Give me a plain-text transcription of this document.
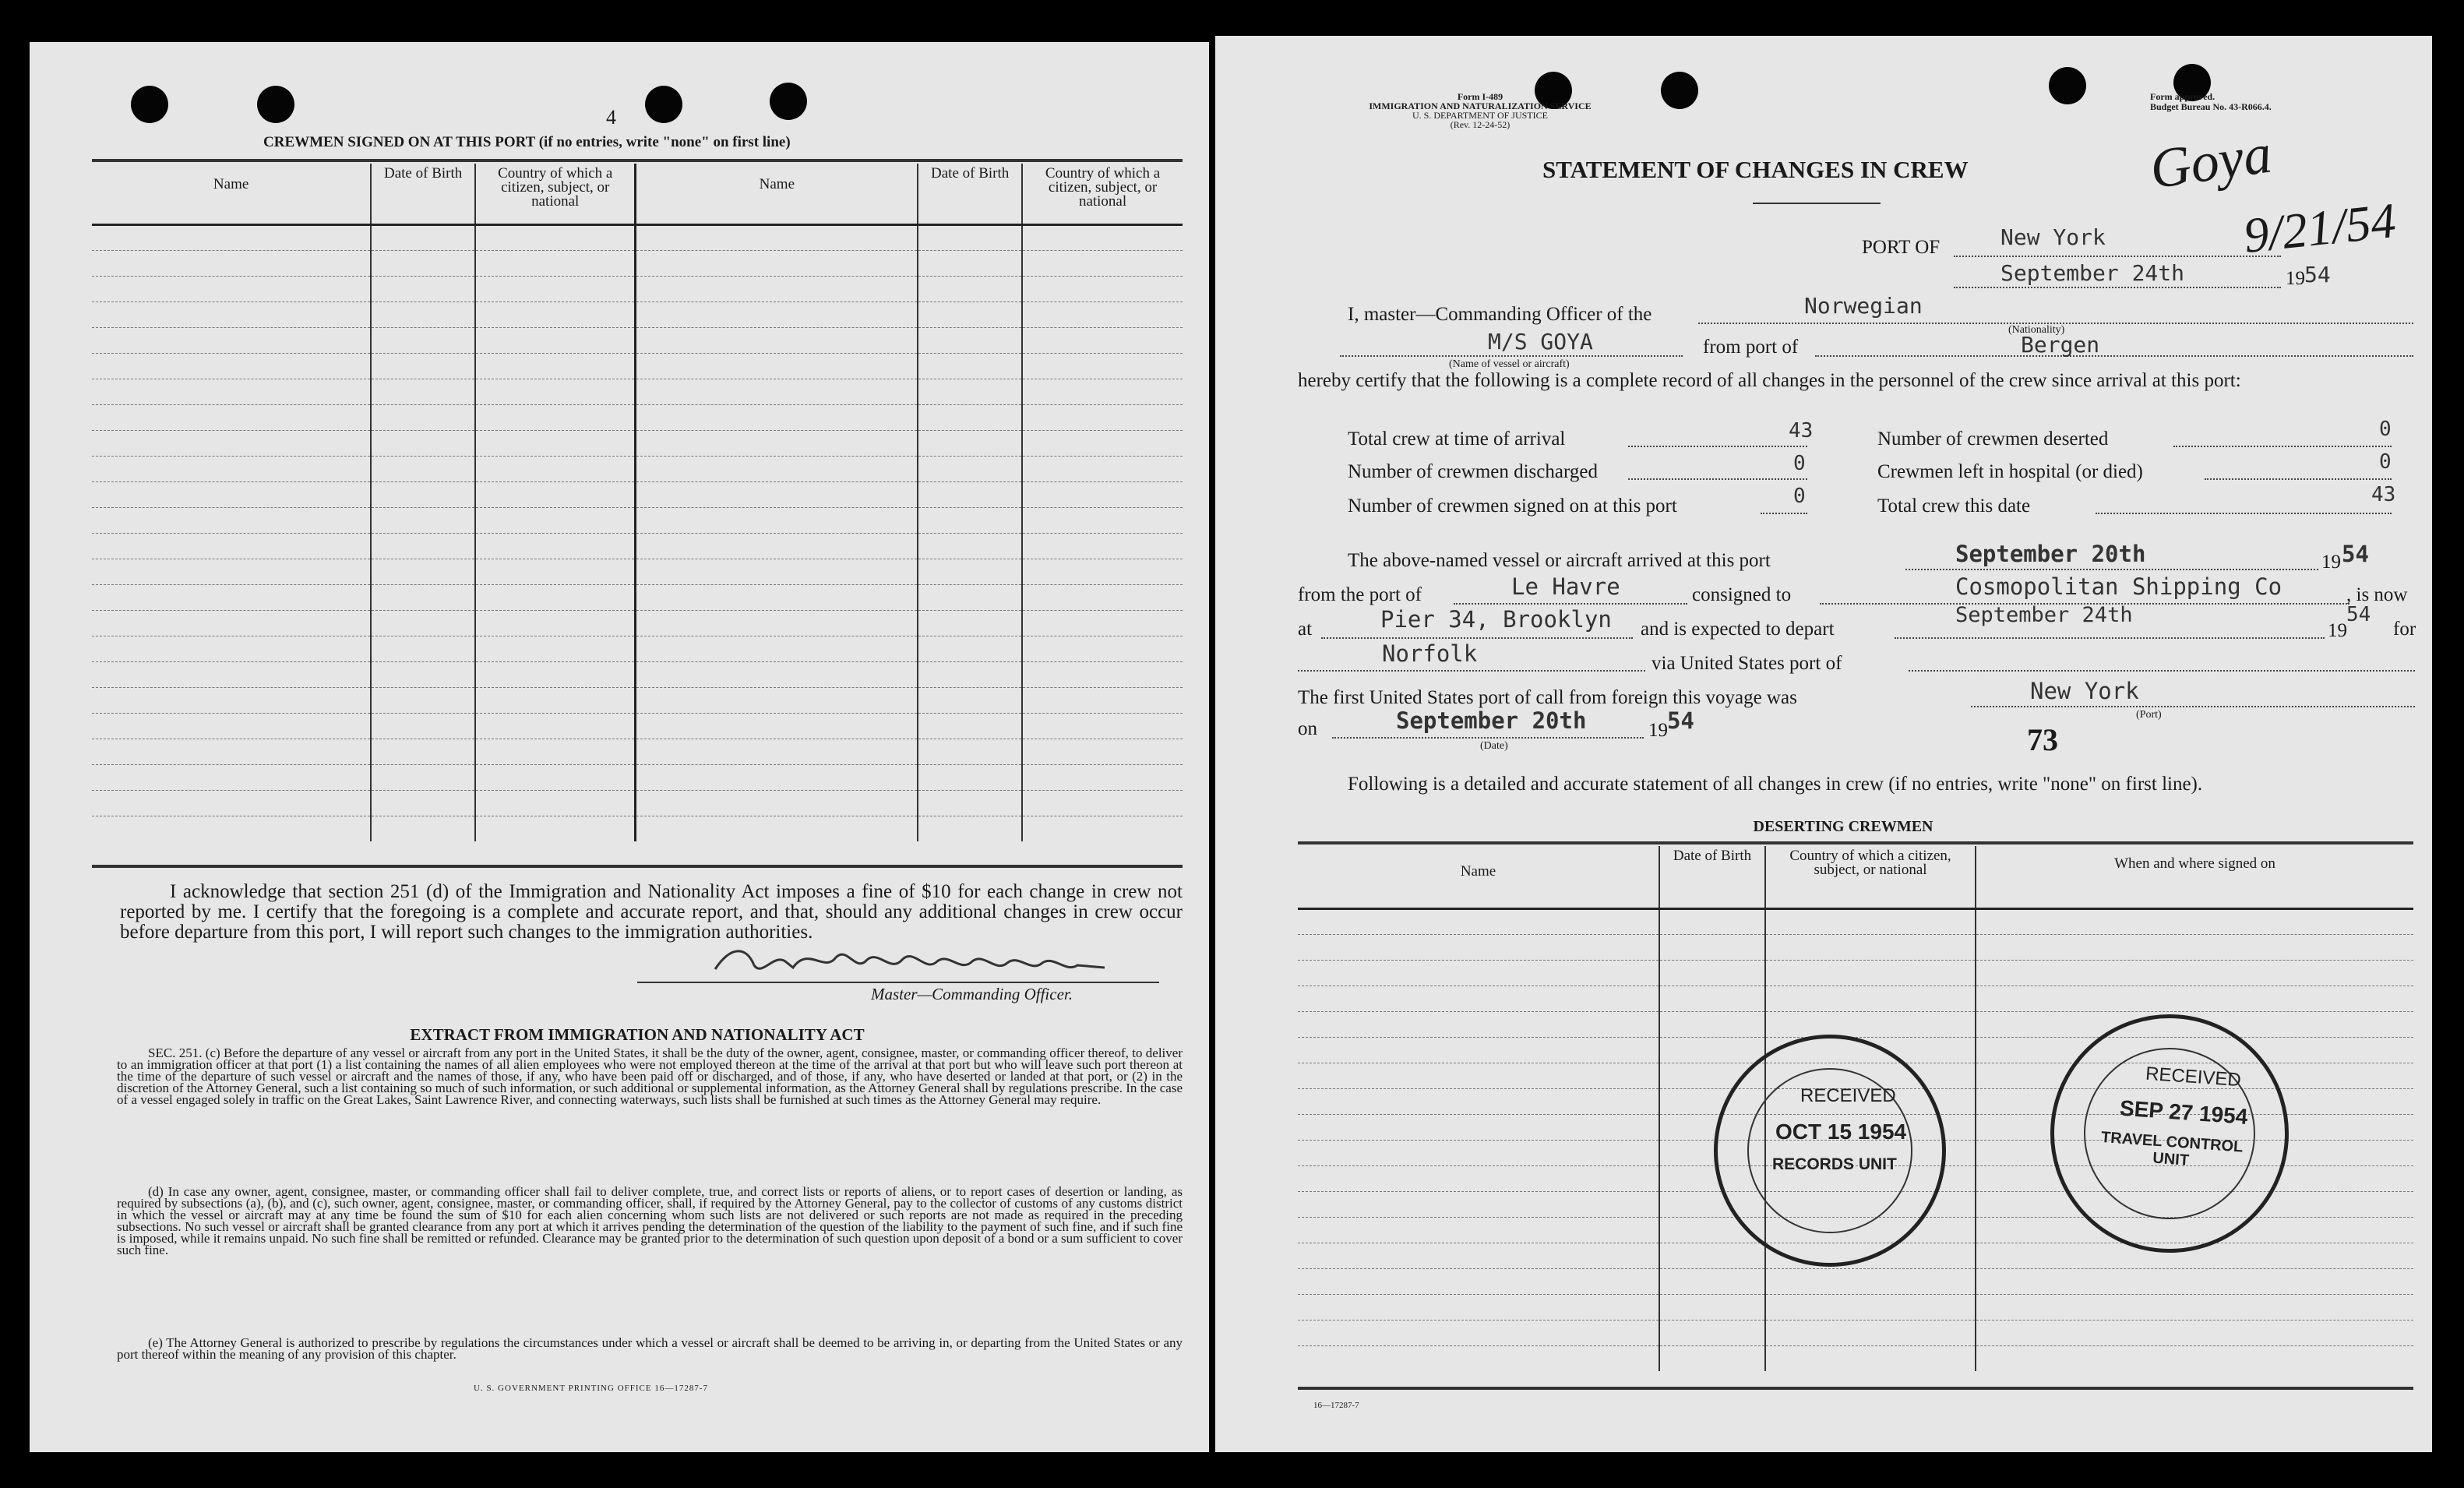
4
CREWMEN SIGNED ON AT THIS PORT (if no entries, write "none" on first line)
Name	Date of Birth	Country of which a citizen, subject, or national	Name	Date of Birth	Country of which a citizen, subject, or national

I acknowledge that section 251 (d) of the Immigration and Nationality Act imposes a fine of $10 for each change in crew not reported by me. I certify that the foregoing is a complete and accurate report, and that, should any additional changes in crew occur before departure from this port, I will report such changes to the immigration authorities.
Master—Commanding Officer.
EXTRACT FROM IMMIGRATION AND NATIONALITY ACT
SEC. 251. (c) Before the departure of any vessel or aircraft from any port in the United States, it shall be the duty of the owner, agent, consignee, master, or commanding officer thereof, to deliver to an immigration officer at that port (1) a list containing the names of all alien employees who were not employed thereon at the time of the arrival at that port but who will leave such port thereon at the time of the departure of such vessel or aircraft and the names of those, if any, who have been paid off or discharged, and of those, if any, who have deserted or landed at that port, or (2) in the discretion of the Attorney General, such a list containing so much of such information, or such additional or supplemental information, as the Attorney General shall by regulations prescribe. In the case of a vessel engaged solely in traffic on the Great Lakes, Saint Lawrence River, and connecting waterways, such lists shall be furnished at such times as the Attorney General may require.
(d) In case any owner, agent, consignee, master, or commanding officer shall fail to deliver complete, true, and correct lists or reports of aliens, or to report cases of desertion or landing, as required by subsections (a), (b), and (c), such owner, agent, consignee, master, or commanding officer, shall, if required by the Attorney General, pay to the collector of customs of any customs district in which the vessel or aircraft may at any time be found the sum of $10 for each alien concerning whom such lists are not delivered or such reports are not made as required in the preceding subsections. No such vessel or aircraft shall be granted clearance from any port at which it arrives pending the determination of the question of the liability to the payment of such fine, and if such fine is imposed, while it remains unpaid. No such fine shall be remitted or refunded. Clearance may be granted prior to the determination of such question upon deposit of a bond or a sum sufficient to cover such fine.
(e) The Attorney General is authorized to prescribe by regulations the circumstances under which a vessel or aircraft shall be deemed to be arriving in, or departing from the United States or any port thereof within the meaning of any provision of this chapter.
U. S. GOVERNMENT PRINTING OFFICE 16—17287-7
Form I-489
IMMIGRATION AND NATURALIZATION SERVICE
U. S. DEPARTMENT OF JUSTICE
(Rev. 12-24-52)
Form approved.
Budget Bureau No. 43-R066.4.
STATEMENT OF CHANGES IN CREW	Goya
9/21/54
PORT OF	New York
September 24th	19 54
I, master—Commanding Officer of the	Norwegian
M/S GOYA
(Name of vessel or aircraft)
from port of
(Nationality)
Bergen
hereby certify that the following is a complete record of all changes in the personnel of the crew since arrival at this port:
Total crew at time of arrival	43
Number of crewmen discharged	0
Number of crewmen signed on at this port	0
Number of crewmen deserted	0
Crewmen left in hospital (or died)	0
Total crew this date	43
The above-named vessel or aircraft arrived at this port	September 20th	19 54
from the port of	Le Havre	consigned to	Cosmopolitan Shipping Co	, is now
at	Pier 34, Brooklyn and is expected to depart
September 24th
19
54
for
Norfolk	via United States port of
The first United States port of call from foreign this voyage was	New York
(Port)
on	September 20th
(Date)
19 54
73
Following is a detailed and accurate statement of all changes in crew (if no entries, write "none" on first line).
DESERTING CREWMEN
Name	Date of Birth	Country of which a citizen, subject, or national	When and where signed on

16—17287-7
RECEIVED
OCT 15 1954
RECORDS UNIT
RECEIVED
SEP 27 1954
TRAVEL CONTROL UNIT
